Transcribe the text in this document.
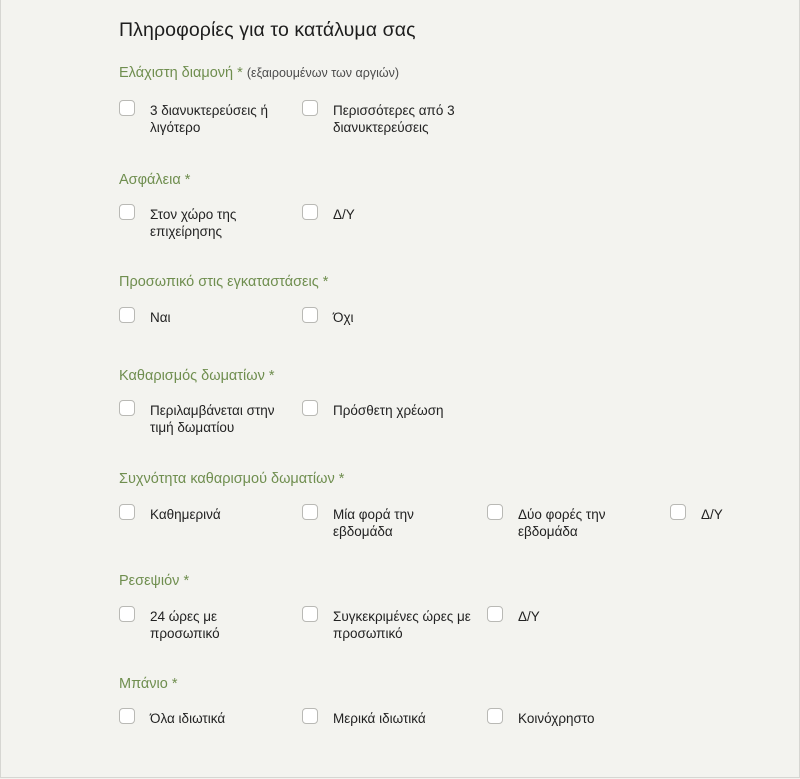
Πληροφορίες για το κατάλυμα σας
Ελάχιστη διαμονή * (εξαιρουμένων των αργιών)
3 διανυκτερεύσεις ή λιγότερο
Περισσότερες από 3 διανυκτερεύσεις
Ασφάλεια *
Στον χώρο της επιχείρησης
Δ/Υ
Προσωπικό στις εγκαταστάσεις *
Ναι	Όχι
Καθαρισμός δωματίων *
Περιλαμβάνεται στην τιμή δωματίου
Πρόσθετη χρέωση
Συχνότητα καθαρισμού δωματίων *
Καθημερινά	Μία φορά την εβδομάδα
Δύο φορές την εβδομάδα
Δ/Υ
Ρεσεψιόν *
24 ώρες με προσωπικό
Συγκεκριμένες ώρες με προσωπικό
Δ/Υ
Μπάνιο *
Όλα ιδιωτικά	Μερικά ιδιωτικά	Κοινόχρηστο
